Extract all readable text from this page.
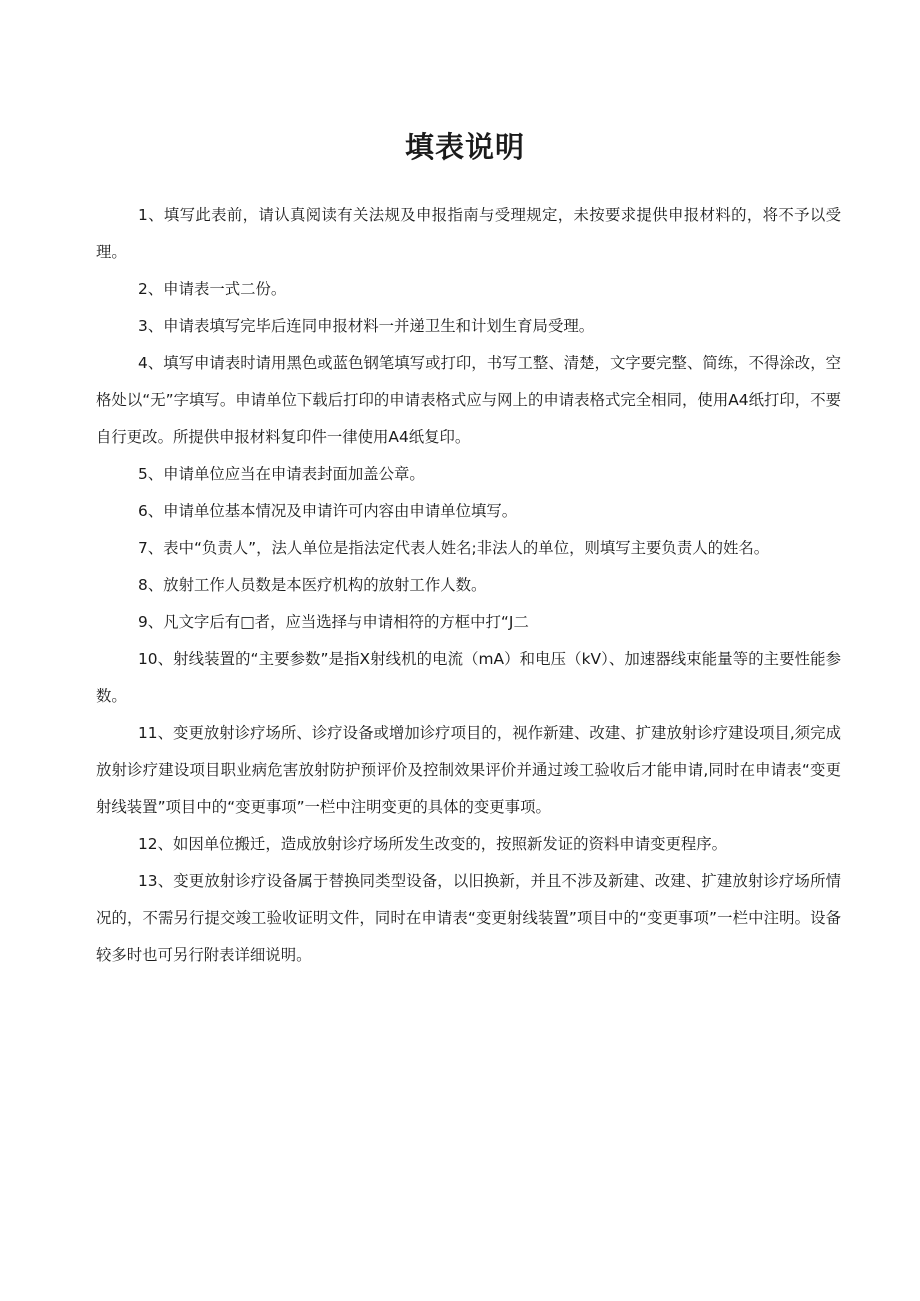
填表说明

1、填写此表前，请认真阅读有关法规及申报指南与受理规定，未按要求提供申报材料的，将不予以受理。

2、申请表一式二份。

3、申请表填写完毕后连同申报材料一并递卫生和计划生育局受理。

4、填写申请表时请用黑色或蓝色钢笔填写或打印，书写工整、清楚，文字要完整、简练，不得涂改，空格处以“无”字填写。申请单位下载后打印的申请表格式应与网上的申请表格式完全相同，使用A4纸打印，不要自行更改。所提供申报材料复印件一律使用A4纸复印。

5、申请单位应当在申请表封面加盖公章。

6、申请单位基本情况及申请许可内容由申请单位填写。

7、表中“负责人”，法人单位是指法定代表人姓名;非法人的单位，则填写主要负责人的姓名。

8、放射工作人员数是本医疗机构的放射工作人数。

9、凡文字后有□者，应当选择与申请相符的方框中打“J二

10、射线装置的“主要参数”是指X射线机的电流（mA）和电压（kV）、加速器线束能量等的主要性能参数。

11、变更放射诊疗场所、诊疗设备或增加诊疗项目的，视作新建、改建、扩建放射诊疗建设项目,须完成放射诊疗建设项目职业病危害放射防护预评价及控制效果评价并通过竣工验收后才能申请,同时在申请表“变更射线装置”项目中的“变更事项”一栏中注明变更的具体的变更事项。

12、如因单位搬迁，造成放射诊疗场所发生改变的，按照新发证的资料申请变更程序。

13、变更放射诊疗设备属于替换同类型设备，以旧换新，并且不涉及新建、改建、扩建放射诊疗场所情况的，不需另行提交竣工验收证明文件，同时在申请表“变更射线装置”项目中的“变更事项”一栏中注明。设备较多时也可另行附表详细说明。
